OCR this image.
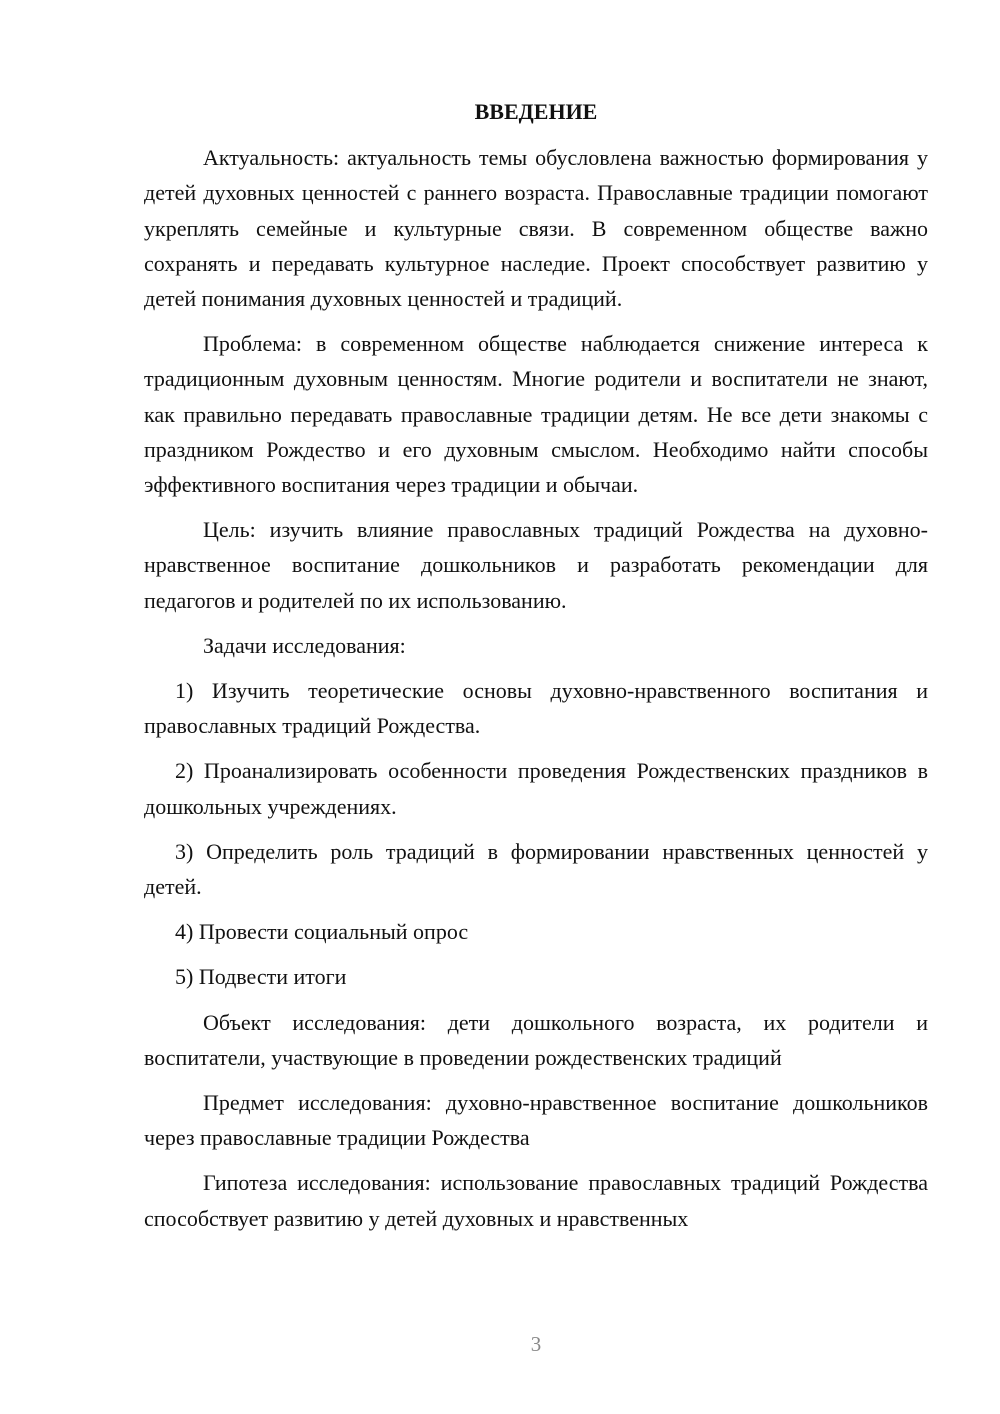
ВВЕДЕНИЕ

Актуальность: актуальность темы обусловлена важностью формирования у детей духовных ценностей с раннего возраста. Православные традиции помогают укреплять семейные и культурные связи. В современном обществе важно сохранять и передавать культурное наследие. Проект способствует развитию у детей понимания духовных ценностей и традиций.

Проблема: в современном обществе наблюдается снижение интереса к традиционным духовным ценностям. Многие родители и воспитатели не знают, как правильно передавать православные традиции детям. Не все дети знакомы с праздником Рождество и его духовным смыслом. Необходимо найти способы эффективного воспитания через традиции и обычаи.

Цель: изучить влияние православных традиций Рождества на духовно-нравственное воспитание дошкольников и разработать рекомендации для педагогов и родителей по их использованию.

Задачи исследования:

1) Изучить теоретические основы духовно-нравственного воспитания и православных традиций Рождества.

2) Проанализировать особенности проведения Рождественских праздников в дошкольных учреждениях.

3) Определить роль традиций в формировании нравственных ценностей у детей.

4) Провести социальный опрос

5) Подвести итоги

Объект исследования: дети дошкольного возраста, их родители и воспитатели, участвующие в проведении рождественских традиций

Предмет исследования: духовно-нравственное воспитание дошкольников через православные традиции Рождества

Гипотеза исследования: использование православных традиций Рождества способствует развитию у детей духовных и нравственных

3
